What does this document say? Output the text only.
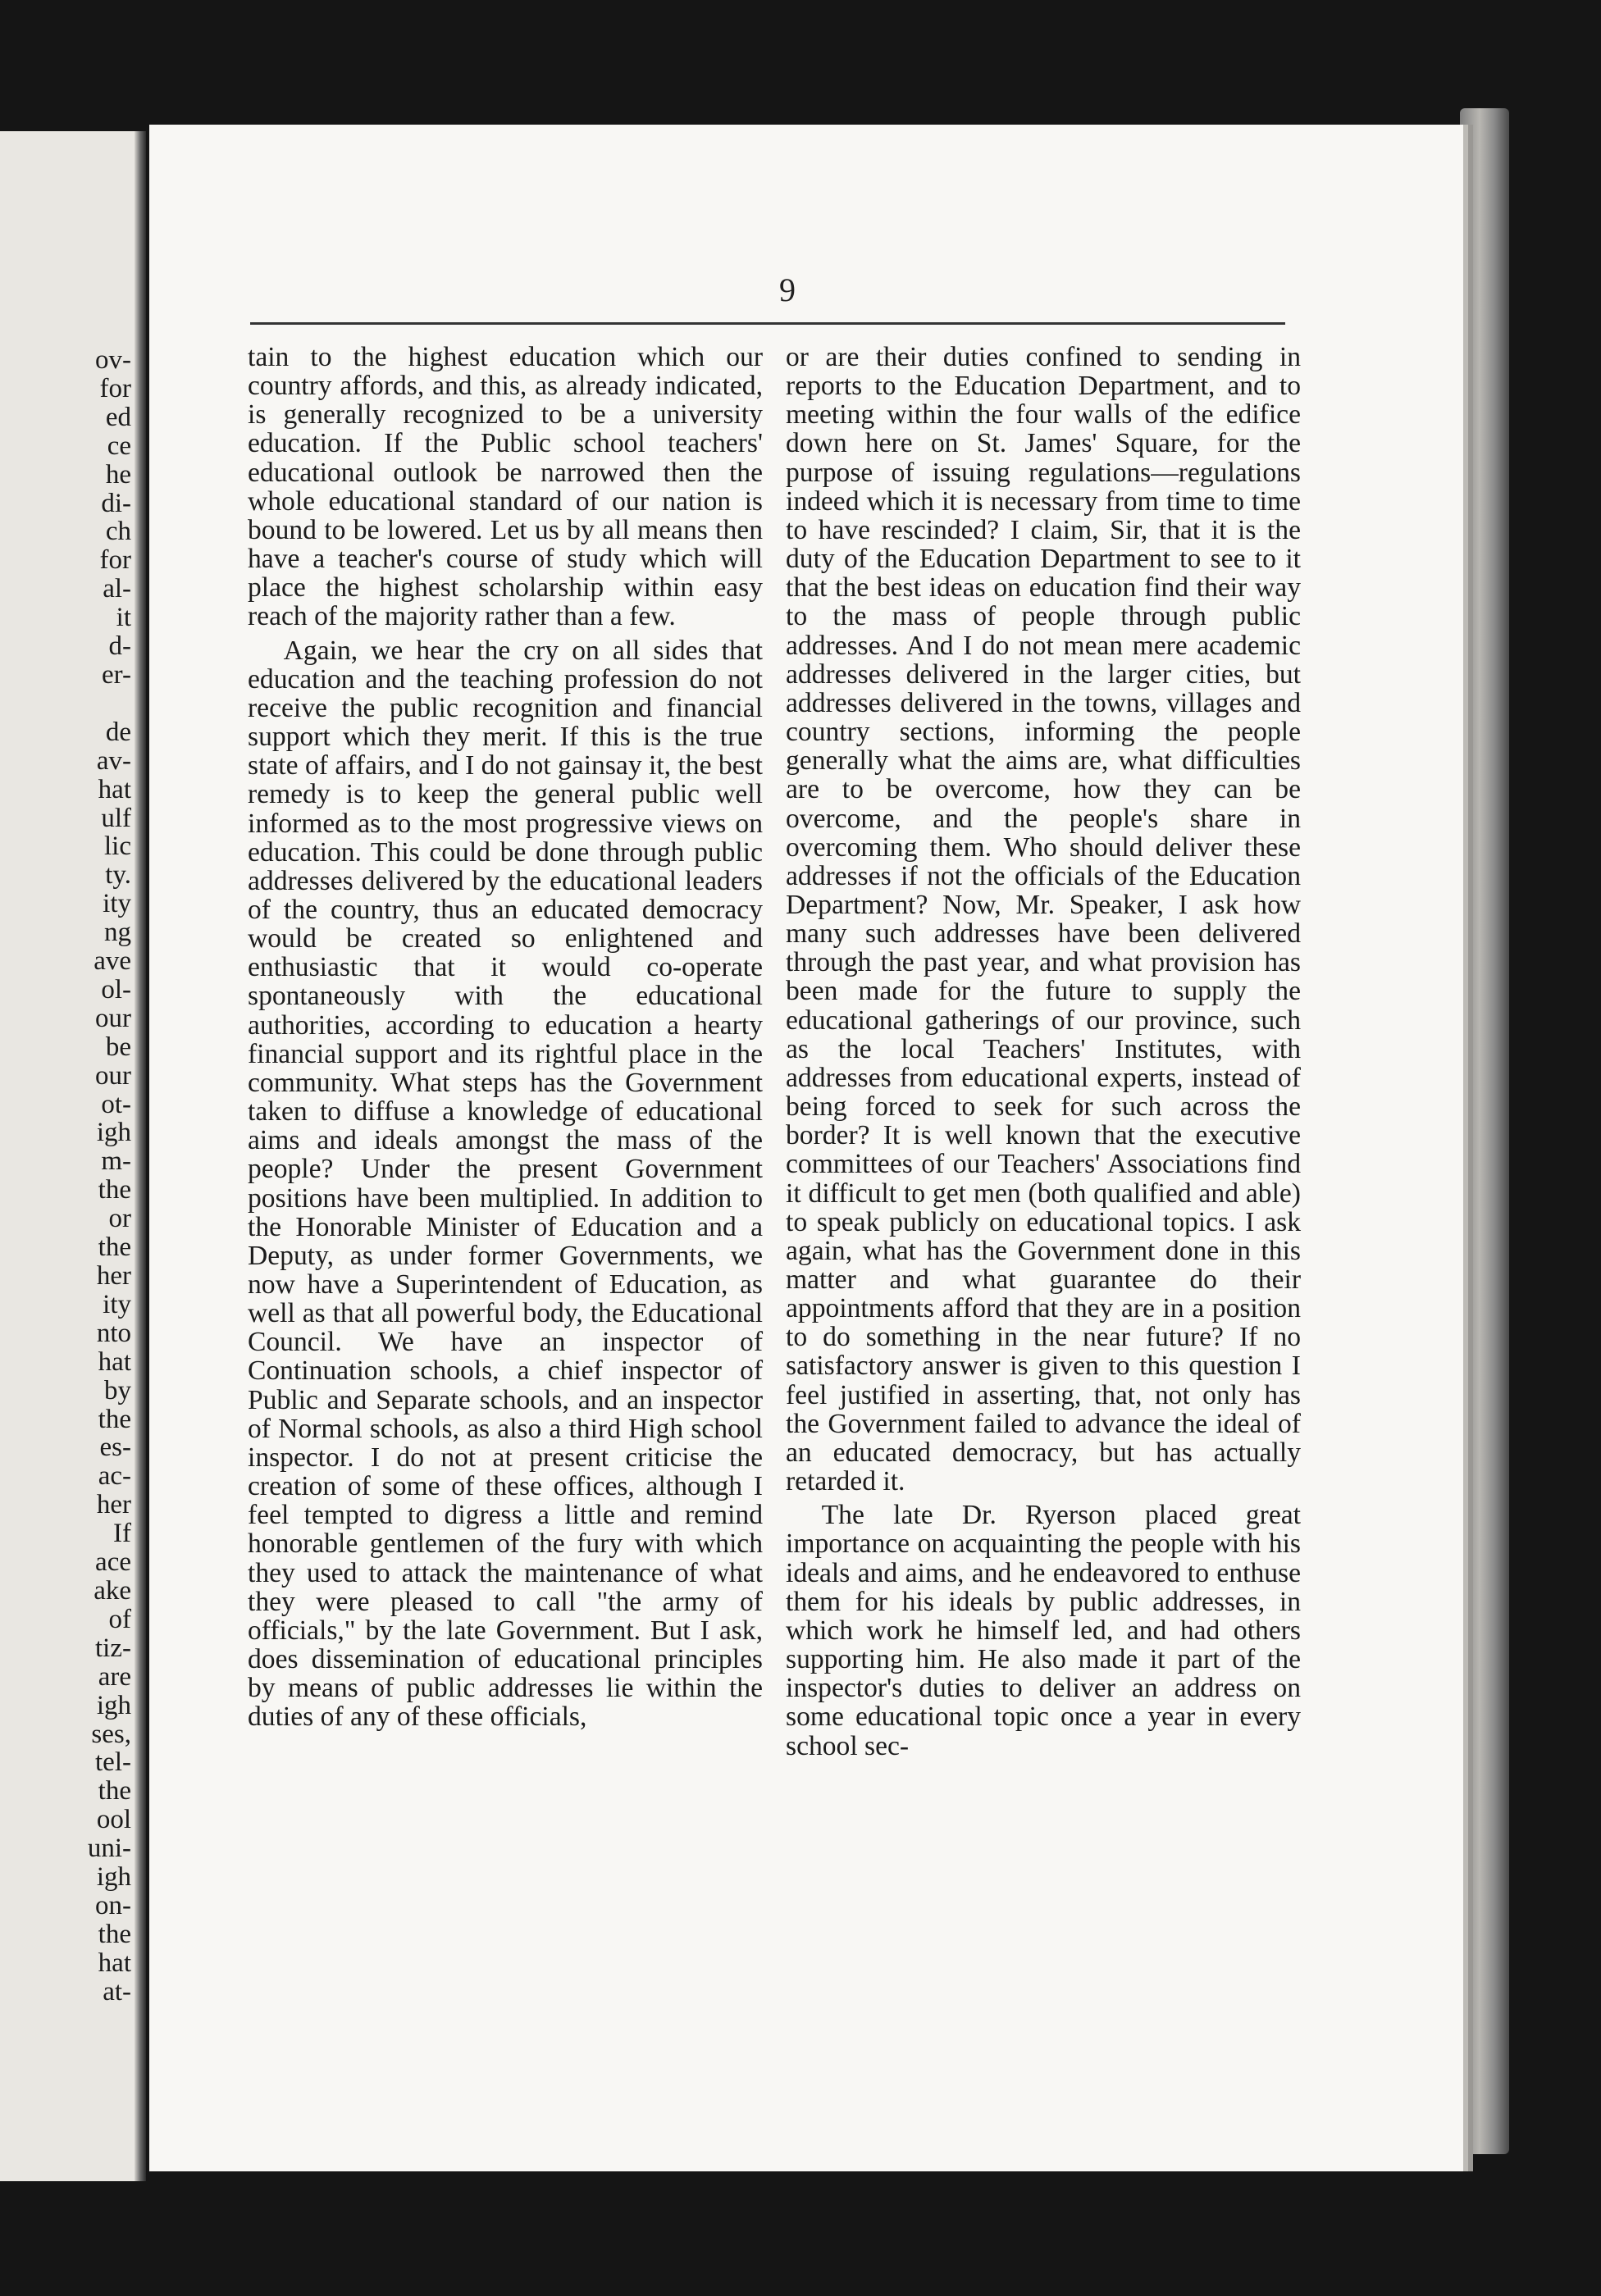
ov-
for
ed
ce
he
di-
ch
for
al-
it
d-
er-

de
av-
hat
ulf
lic
ty.
ity
ng
ave
ol-
our
be
our
ot-
igh
m-
the
or
the
her
ity
nto
hat
by
the
es-
ac-
her
If
ace
ake
of
tiz-
are
igh
ses,
tel-
the
ool
uni-
igh
on-
the
hat
at-
9

tain to the highest education which our country affords, and this, as already indicated, is generally recognized to be a university education. If the Public school teachers' educational outlook be narrowed then the whole educational standard of our nation is bound to be lowered. Let us by all means then have a teacher's course of study which will place the highest scholarship within easy reach of the majority rather than a few.

Again, we hear the cry on all sides that education and the teaching profession do not receive the public recognition and financial support which they merit. If this is the true state of affairs, and I do not gainsay it, the best remedy is to keep the general public well informed as to the most progressive views on education. This could be done through public addresses delivered by the educational leaders of the country, thus an educated democracy would be created so enlightened and enthusiastic that it would co-operate spontaneously with the educational authorities, according to education a hearty financial support and its rightful place in the community. What steps has the Government taken to diffuse a knowledge of educational aims and ideals amongst the mass of the people? Under the present Government positions have been multiplied. In addition to the Honorable Minister of Education and a Deputy, as under former Governments, we now have a Superintendent of Education, as well as that all powerful body, the Educational Council. We have an inspector of Continuation schools, a chief inspector of Public and Separate schools, and an inspector of Normal schools, as also a third High school inspector. I do not at present criticise the creation of some of these offices, although I feel tempted to digress a little and remind honorable gentlemen of the fury with which they used to attack the maintenance of what they were pleased to call "the army of officials," by the late Government. But I ask, does dissemination of educational principles by means of public addresses lie within the duties of any of these officials,

or are their duties confined to sending in reports to the Education Department, and to meeting within the four walls of the edifice down here on St. James' Square, for the purpose of issuing regulations—regulations indeed which it is necessary from time to time to have rescinded? I claim, Sir, that it is the duty of the Education Department to see to it that the best ideas on education find their way to the mass of people through public addresses. And I do not mean mere academic addresses delivered in the larger cities, but addresses delivered in the towns, villages and country sections, informing the people generally what the aims are, what difficulties are to be overcome, how they can be overcome, and the people's share in overcoming them. Who should deliver these addresses if not the officials of the Education Department? Now, Mr. Speaker, I ask how many such addresses have been delivered through the past year, and what provision has been made for the future to supply the educational gatherings of our province, such as the local Teachers' Institutes, with addresses from educational experts, instead of being forced to seek for such across the border? It is well known that the executive committees of our Teachers' Associations find it difficult to get men (both qualified and able) to speak publicly on educational topics. I ask again, what has the Government done in this matter and what guarantee do their appointments afford that they are in a position to do something in the near future? If no satisfactory answer is given to this question I feel justified in asserting, that, not only has the Government failed to advance the ideal of an educated democracy, but has actually retarded it.

The late Dr. Ryerson placed great importance on acquainting the people with his ideals and aims, and he endeavored to enthuse them for his ideals by public addresses, in which work he himself led, and had others supporting him. He also made it part of the inspector's duties to deliver an address on some educational topic once a year in every school sec-
